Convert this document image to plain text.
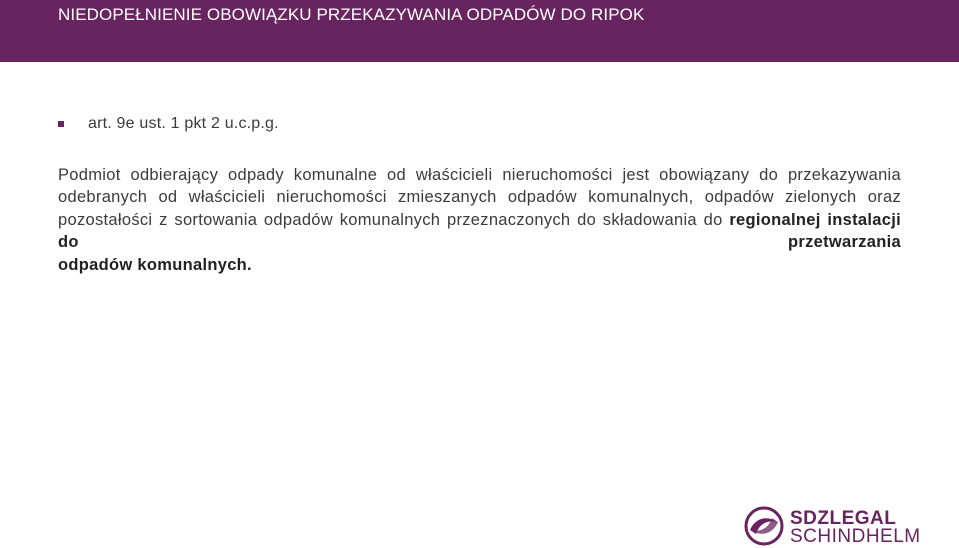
NIEDOPEŁNIENIE OBOWIĄZKU PRZEKAZYWANIA ODPADÓW DO RIPOK
art. 9e ust. 1 pkt 2 u.c.p.g.
Podmiot odbierający odpady komunalne od właścicieli nieruchomości jest obowiązany do przekazywania odebranych od właścicieli nieruchomości zmieszanych odpadów komunalnych, odpadów zielonych oraz pozostałości z sortowania odpadów komunalnych przeznaczonych do składowania do regionalnej instalacji do przetwarzania
odpadów komunalnych.
SDZLEGAL
SCHINDHELM
